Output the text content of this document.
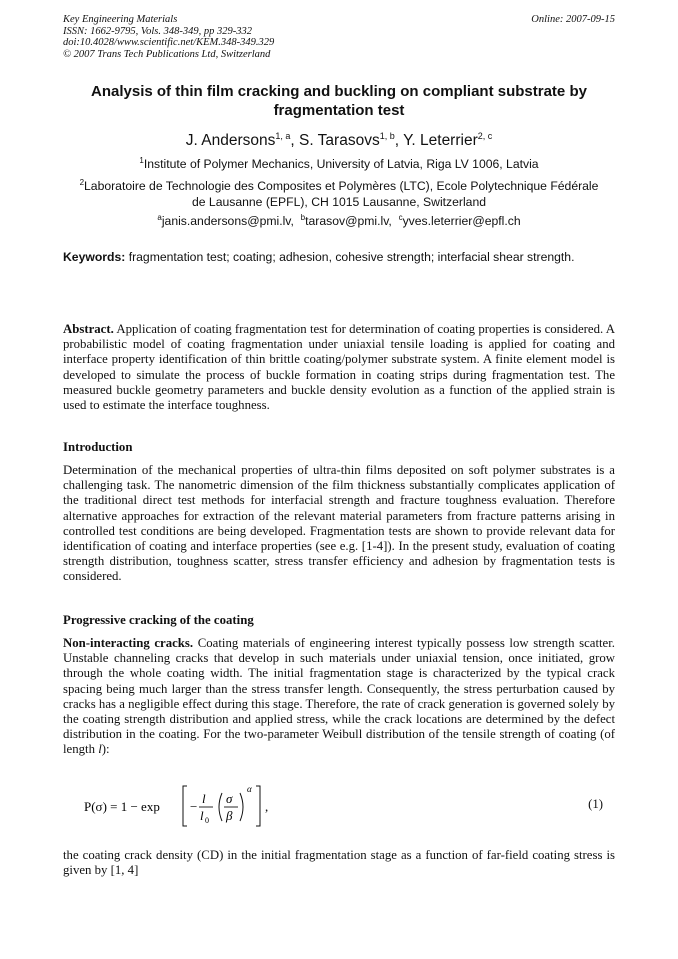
Key Engineering Materials
ISSN: 1662-9795, Vols. 348-349, pp 329-332
doi:10.4028/www.scientific.net/KEM.348-349.329
© 2007 Trans Tech Publications Ltd, Switzerland
Online: 2007-09-15
Analysis of thin film cracking and buckling on compliant substrate by fragmentation test
J. Andersons$^{1, a}$, S. Tarasovs$^{1, b}$, Y. Leterrier$^{2, c}$
$^1$Institute of Polymer Mechanics, University of Latvia, Riga LV 1006, Latvia
$^2$Laboratoire de Technologie des Composites et Polymères (LTC), Ecole Polytechnique Fédérale
de Lausanne (EPFL), CH 1015 Lausanne, Switzerland
$^a$janis.andersons@pmi.lv,  $^b$tarasov@pmi.lv,  $^c$yves.leterrier@epfl.ch
Keywords: fragmentation test; coating; adhesion, cohesive strength; interfacial shear strength.
Abstract. Application of coating fragmentation test for determination of coating properties is considered. A probabilistic model of coating fragmentation under uniaxial tensile loading is applied for coating and interface property identification of thin brittle coating/polymer substrate system. A finite element model is developed to simulate the process of buckle formation in coating strips during fragmentation test. The measured buckle geometry parameters and buckle density evolution as a function of the applied strain is used to estimate the interface toughness.
Introduction
Determination of the mechanical properties of ultra-thin films deposited on soft polymer substrates is a challenging task. The nanometric dimension of the film thickness substantially complicates application of the traditional direct test methods for interfacial strength and fracture toughness evaluation. Therefore alternative approaches for extraction of the relevant material parameters from fracture patterns arising in controlled test conditions are being developed. Fragmentation tests are shown to provide relevant data for identification of coating and interface properties (see e.g. [1-4]). In the present study, evaluation of coating strength distribution, toughness scatter, stress transfer efficiency and adhesion by fragmentation tests is considered.
Progressive cracking of the coating
Non-interacting cracks. Coating materials of engineering interest typically possess low strength scatter. Unstable channeling cracks that develop in such materials under uniaxial tension, once initiated, grow through the whole coating width. The initial fragmentation stage is characterized by the typical crack spacing being much larger than the stress transfer length. Consequently, the stress perturbation caused by cracks has a negligible effect during this stage. Therefore, the rate of crack generation is governed solely by the coating strength distribution and applied stress, while the crack locations are determined by the defect distribution in the coating. For the two-parameter Weibull distribution of the tensile strength of coating (of length l):
P(σ) = 1 − exp −
l
l 0
σ
β
α
,	(1)
the coating crack density (CD) in the initial fragmentation stage as a function of far-field coating stress is given by [1, 4]
